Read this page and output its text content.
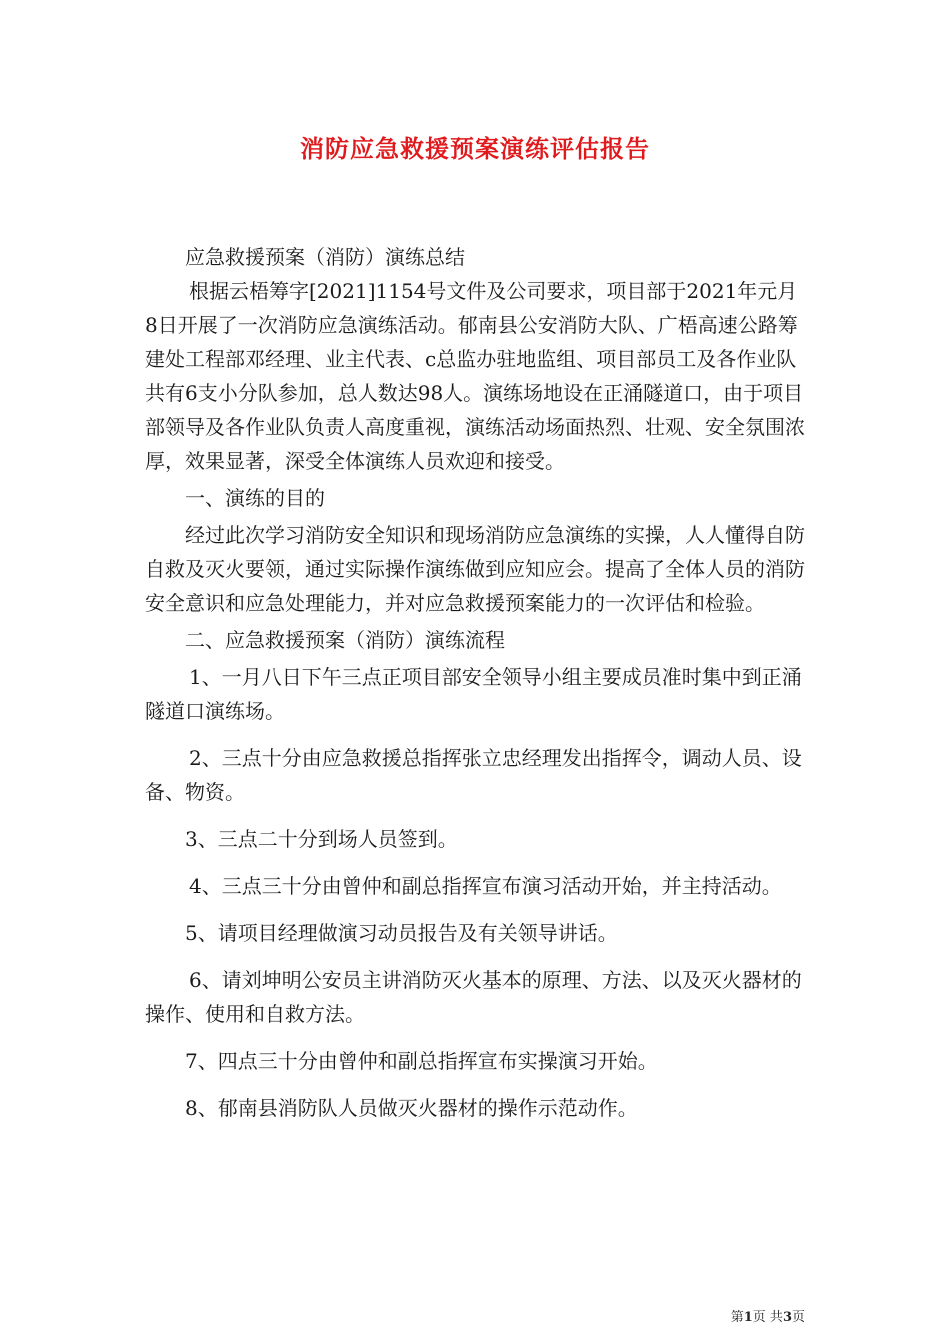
消防应急救援预案演练评估报告

应急救援预案（消防）演练总结

根据云梧筹字[2021]1154号文件及公司要求，项目部于2021年元月8日开展了一次消防应急演练活动。郁南县公安消防大队、广梧高速公路筹建处工程部邓经理、业主代表、c总监办驻地监组、项目部员工及各作业队共有6支小分队参加，总人数达98人。演练场地设在正涌隧道口，由于项目部领导及各作业队负责人高度重视，演练活动场面热烈、壮观、安全氛围浓厚，效果显著，深受全体演练人员欢迎和接受。

一、演练的目的

经过此次学习消防安全知识和现场消防应急演练的实操，人人懂得自防自救及灭火要领，通过实际操作演练做到应知应会。提高了全体人员的消防安全意识和应急处理能力，并对应急救援预案能力的一次评估和检验。

二、应急救援预案（消防）演练流程

1、一月八日下午三点正项目部安全领导小组主要成员准时集中到正涌隧道口演练场。

2、三点十分由应急救援总指挥张立忠经理发出指挥令，调动人员、设备、物资。

3、三点二十分到场人员签到。

4、三点三十分由曾仲和副总指挥宣布演习活动开始，并主持活动。

5、请项目经理做演习动员报告及有关领导讲话。

6、请刘坤明公安员主讲消防灭火基本的原理、方法、以及灭火器材的操作、使用和自救方法。

7、四点三十分由曾仲和副总指挥宣布实操演习开始。

8、郁南县消防队人员做灭火器材的操作示范动作。

第1页 共3页
